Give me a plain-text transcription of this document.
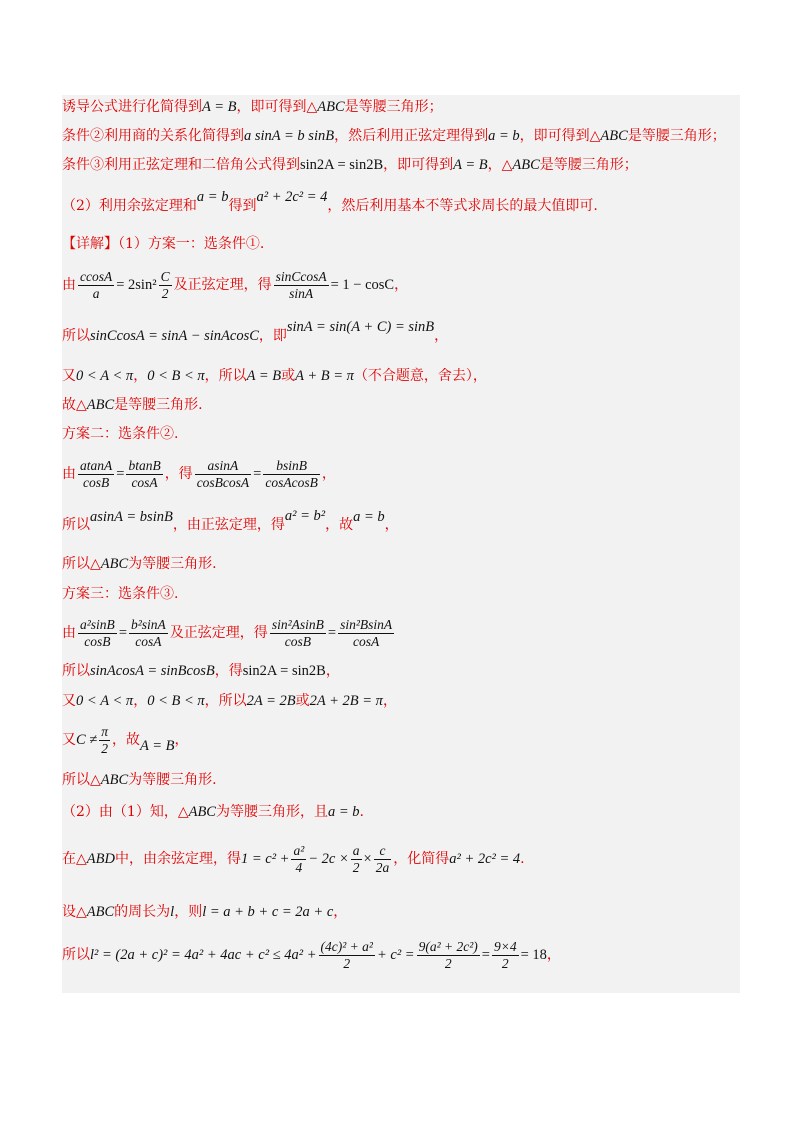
诱导公式进行化简得到A = B，即可得到△ABC是等腰三角形；
条件②利用商的关系化简得到a sinA = b sinB，然后利用正弦定理得到a = b，即可得到△ABC是等腰三角形；
条件③利用正弦定理和二倍角公式得到sin2A = sin2B，即可得到A = B，△ABC是等腰三角形；
（2）利用余弦定理和a = b得到a² + 2c² = 4，然后利用基本不等式求周长的最大值即可.
【详解】（1）方案一：选条件①.
由 $\frac{ccosA}{a} = 2\sin^2 \frac{C}{2}$ 及正弦定理，得 $\frac{\text{sinCcosA}}{\sin A} = 1 - \cos C$，
所以sinCcosA = sinA − sinAcosC，即sinA = sin(A + C) = sinB，
又0 < A < π，0 < B < π，所以A = B或A + B = π（不合题意，舍去），
故△ABC是等腰三角形.
方案二：选条件②.
由 $\frac{atanA}{\cos B} = \frac{btanB}{\cos A}$ ，得 $\frac{asinA}{\text{cosBcosA}} = \frac{bsinB}{\text{cosAcosB}}$ ，
所以asinA = bsinB，由正弦定理，得a² = b²，故a = b，
所以△ABC为等腰三角形.
方案三：选条件③.
由 $\frac{\text{a²sinB}}{\cos B} = \frac{\text{b²sinA}}{\cos A}$ 及正弦定理，得 $\frac{\text{sin²AsinB}}{\cos B} = \frac{\text{sin²BsinA}}{\cos A}$
所以sinAcosA = sinBcosB，得sin2A = sin2B，
又0 < A < π，0 < B < π，所以2A = 2B或2A + 2B = π，
又$C \ne \frac{\pi}{2}$ ，故A = B，
所以△ABC为等腰三角形.
（2）由（1）知，△ABC为等腰三角形，且a = b.
在△ABD中，由余弦定理，得$1 = c^2 + \frac{\text{a²}}{4} - 2c \times \frac{a}{2} \times \frac{c}{2a}$ ，化简得a² + 2c² = 4.
设△ABC的周长为l，则l = a + b + c = 2a + c，
所以$l^2 = (2a + c)^2 = 4a^2 + 4ac + c^2 \le 4a^2 + \frac{\text{(4c)² + a²}}{2} + c^2 = \frac{\text{9(a² + 2c²)}}{2} = \frac{9\times 4}{2} = 18$，
